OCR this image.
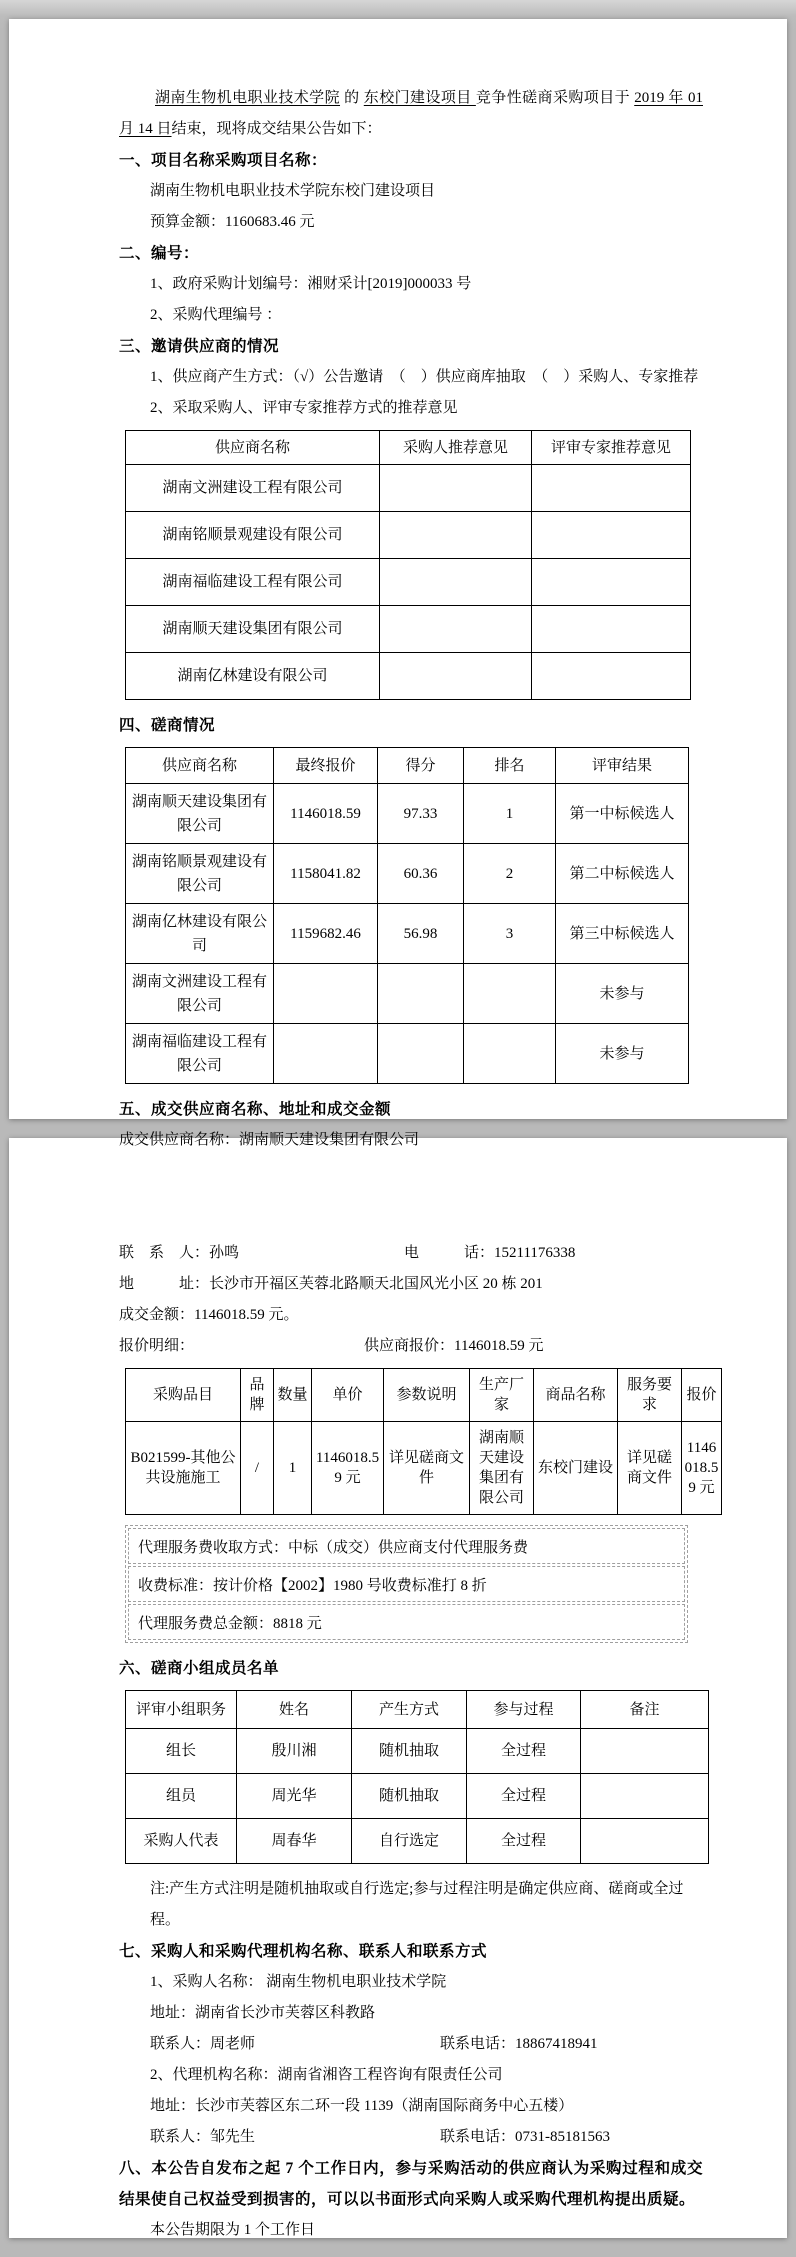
湖南生物机电职业技术学院 的 东校门建设项目 竞争性磋商采购项目于 2019 年 01 月 14 日结束，现将成交结果公告如下：

一、项目名称采购项目名称：

湖南生物机电职业技术学院东校门建设项目

预算金额：1160683.46 元

二、编号：

1、政府采购计划编号：湘财采计[2019]000033 号

2、采购代理编号 ：

三、邀请供应商的情况

1、供应商产生方式：（√）公告邀请　（　）供应商库抽取　（　）采购人、专家推荐

2、采取采购人、评审专家推荐方式的推荐意见

供应商名称	采购人推荐意见	评审专家推荐意见
湖南文洲建设工程有限公司		
湖南铭顺景观建设有限公司		
湖南福临建设工程有限公司		
湖南顺天建设集团有限公司		
湖南亿林建设有限公司		

四、磋商情况

供应商名称	最终报价	得分	排名	评审结果
湖南顺天建设集团有限公司	1146018.59	97.33	1	第一中标候选人
湖南铭顺景观建设有限公司	1158041.82	60.36	2	第二中标候选人
湖南亿林建设有限公司	1159682.46	56.98	3	第三中标候选人
湖南文洲建设工程有限公司				未参与
湖南福临建设工程有限公司				未参与

五、成交供应商名称、地址和成交金额

成交供应商名称：湖南顺天建设集团有限公司

联　系　人：孙鸣	电　　　话：15211176338

地　　　址：长沙市开福区芙蓉北路顺天北国风光小区 20 栋 201

成交金额：1146018.59 元。

报价明细：	供应商报价：1146018.59 元

采购品目	品牌	数量	单价	参数说明	生产厂家	商品名称	服务要求	报价
B021599-其他公共设施施工	/	1	1146018.59 元	详见磋商文件	湖南顺天建设集团有限公司	东校门建设	详见磋商文件	1146018.59 元
代理服务费收取方式：中标（成交）供应商支付代理服务费
收费标准：按计价格【2002】1980 号收费标准打 8 折
代理服务费总金额：8818 元

六、磋商小组成员名单

评审小组职务	姓名	产生方式	参与过程	备注
组长	殷川湘	随机抽取	全过程	
组员	周光华	随机抽取	全过程	
采购人代表	周春华	自行选定	全过程	

注:产生方式注明是随机抽取或自行选定;参与过程注明是确定供应商、磋商或全过程。

七、采购人和采购代理机构名称、联系人和联系方式

1、采购人名称： 湖南生物机电职业技术学院

地址：湖南省长沙市芙蓉区科教路

联系人：周老师	联系电话：18867418941

2、代理机构名称：湖南省湘咨工程咨询有限责任公司

地址：长沙市芙蓉区东二环一段 1139（湖南国际商务中心五楼）

联系人：邹先生	联系电话：0731-85181563

八、本公告自发布之起 7 个工作日内，参与采购活动的供应商认为采购过程和成交结果使自己权益受到损害的，可以以书面形式向采购人或采购代理机构提出质疑。

本公告期限为 1 个工作日
